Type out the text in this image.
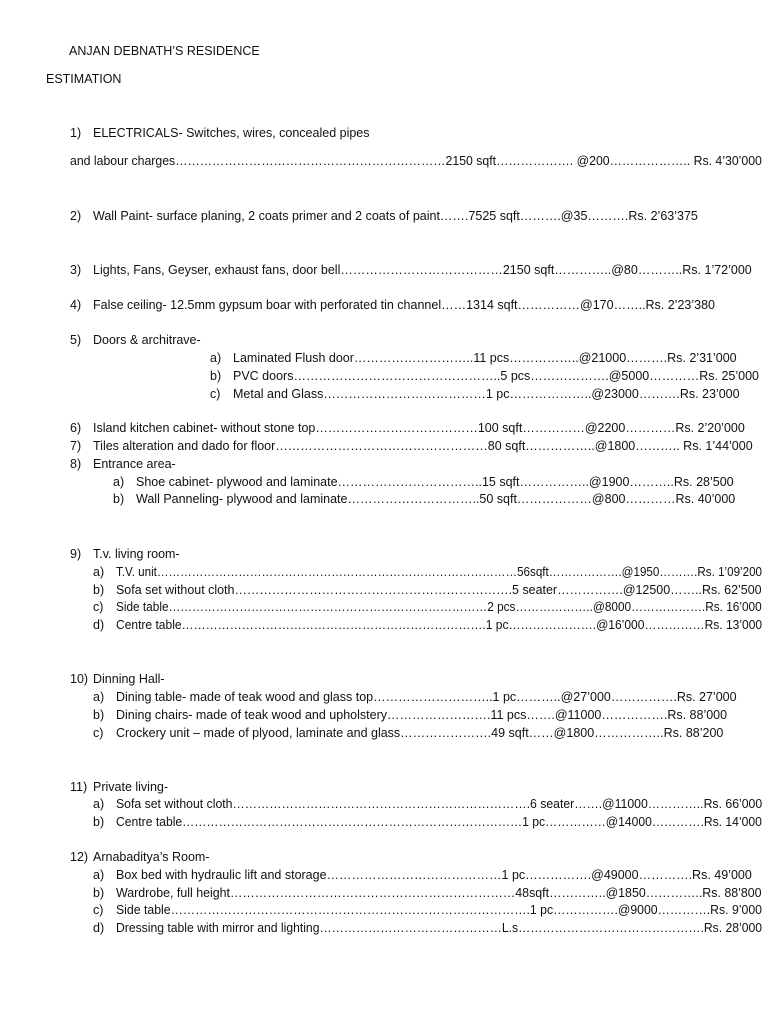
ANJAN DEBNATH’S RESIDENCE
ESTIMATION
1) ELECTRICALS- Switches, wires, concealed pipes
and labour charges…………………………………………………………2150 sqft………………. @200……………….. Rs. 4’30’000
2) Wall Paint- surface planing, 2 coats primer and 2 coats of paint…….7525 sqft……….@35……….Rs. 2’63’375
3) Lights, Fans, Geyser, exhaust fans, door bell…………………………………2150 sqft…………..@80………..Rs. 1’72’000
4) False ceiling- 12.5mm gypsum boar with perforated tin channel……1314 sqft……………@170……..Rs. 2’23’380
5) Doors & architrave-
a) Laminated Flush door………………………..11 pcs……………..@21000……….Rs. 2’31’000
b) PVC doors…………………………………………..5 pcs……………….@5000…………Rs. 25’000
c) Metal and Glass…………………………………1 pc………………..@23000……….Rs. 23’000
6) Island kitchen cabinet- without stone top…………………………………100 sqft……………@2200…………Rs. 2’20’000
7) Tiles alteration and dado for floor……………………………………………80 sqft……………..@1800……….. Rs. 1’44’000
8) Entrance area-
a) Shoe cabinet- plywood and laminate……………………………..15 sqft……………..@1900………..Rs. 28’500
b) Wall Panneling- plywood and laminate…………………………..50 sqft………………@800…………Rs. 40’000
9) T.v. living room-
a) T.V. unit…………………………………………………………………………………56sqft……………….@1950……….Rs. 1’09’200
b) Sofa set without cloth………………………………………………………….5 seater…………….@12500……..Rs. 62’500
c) Side table………………………………………………………………………2 pcs………………..@8000……………….Rs. 16’000
d) Centre table………………………………………………………………….1 pc………………….@16’000……………Rs. 13’000
10) Dinning Hall-
a) Dining table- made of teak wood and glass top………………………..1 pc………..@27’000…………….Rs. 27’000
b) Dining chairs- made of teak wood and upholstery…………………….11 pcs…….@11000…………….Rs. 88’000
c) Crockery unit – made of plyood, laminate and glass………………….49 sqft……@1800……………..Rs. 88’200
11) Private living-
a) Sofa set without cloth……………………………………………………………….6 seater…….@11000…………..Rs. 66’000
b) Centre table…………………………………………………………………………1 pc……………@14000………….Rs. 14’000
12) Arnabaditya’s Room-
a) Box bed with hydraulic lift and storage……………………………………1 pc…………….@49000………….Rs. 49’000
b) Wardrobe, full height……………………………………………………………48sqft…………..@1850…………..Rs. 88’800
c) Side table…………………………………………………………………………….1 pc…………….@9000………….Rs. 9’000
d) Dressing table with mirror and lighting………………………………………L.s……………………………………….Rs. 28’000
